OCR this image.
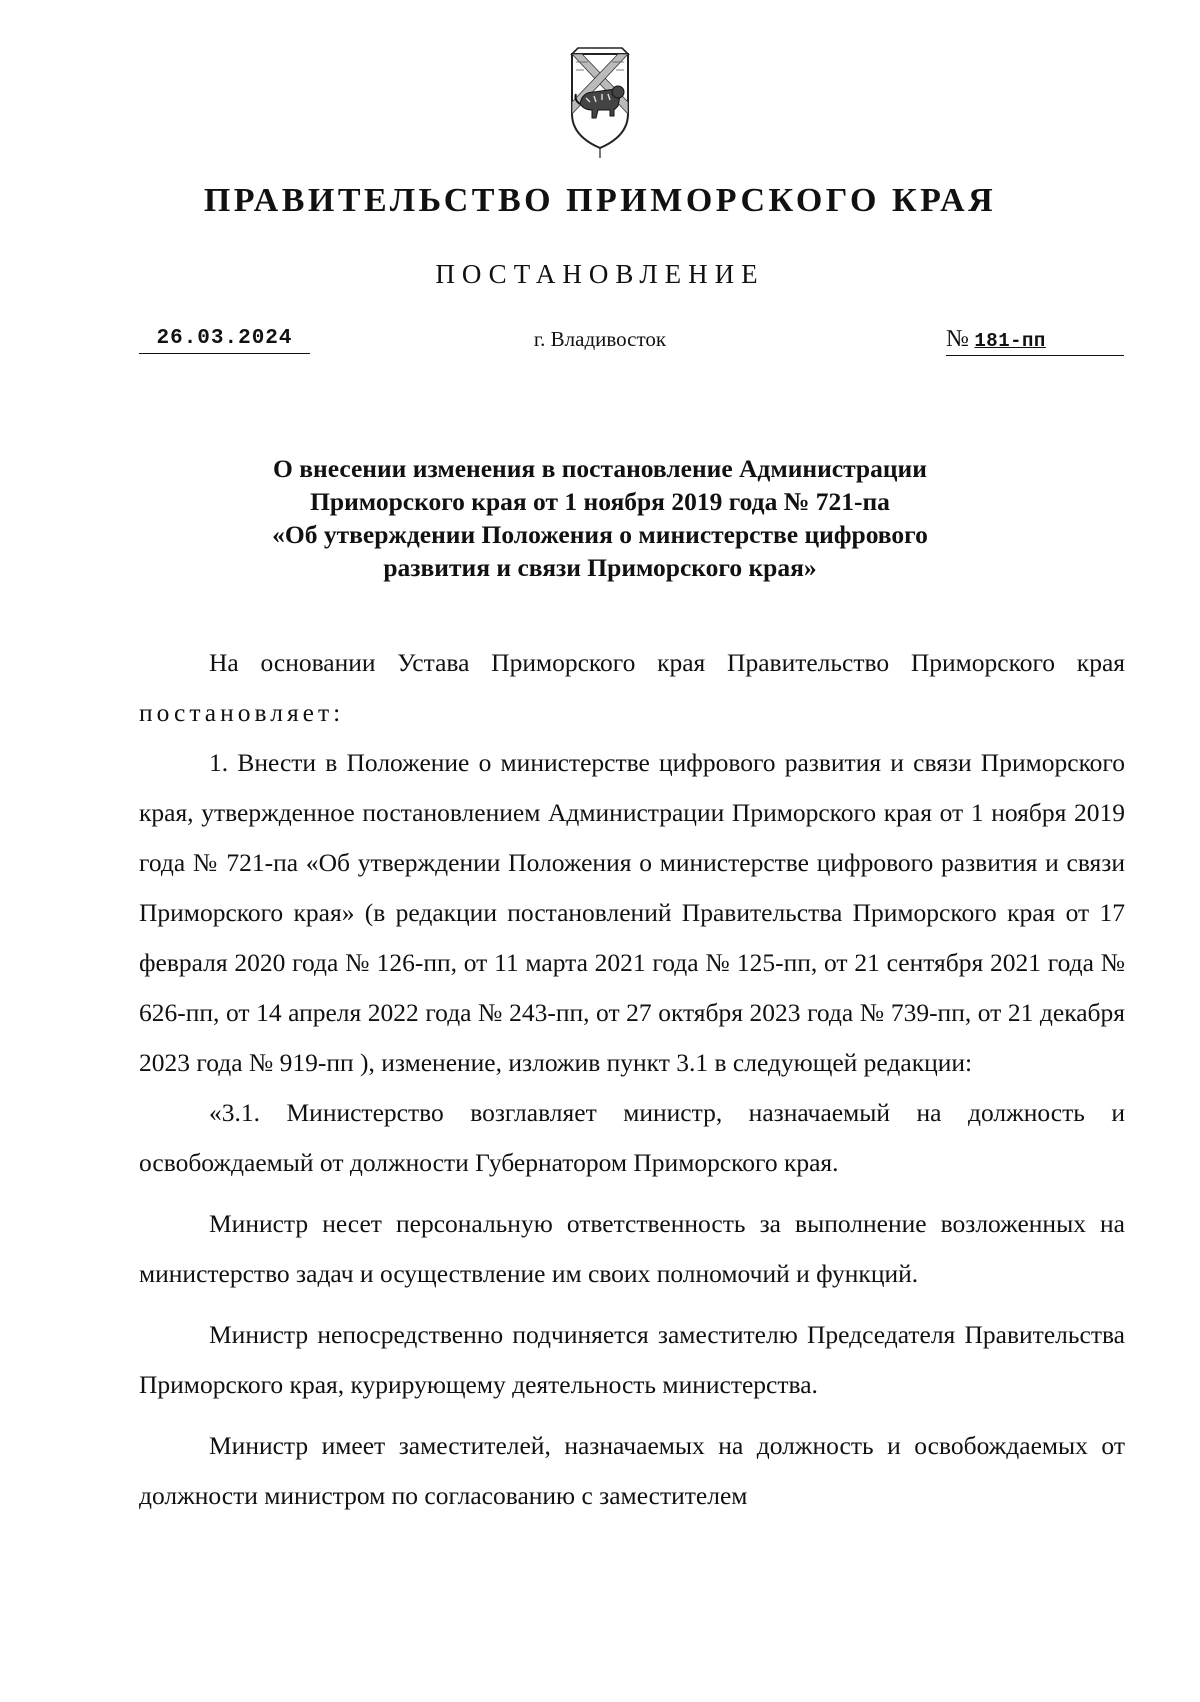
ПРАВИТЕЛЬСТВО ПРИМОРСКОГО КРАЯ
ПОСТАНОВЛЕНИЕ
26.03.2024	г. Владивосток	№ 181-пп
О внесении изменения в постановление Администрации
Приморского края от 1 ноября 2019 года № 721-па
«Об утверждении Положения о министерстве цифрового
развития и связи Приморского края»

На основании Устава Приморского края Правительство Приморского края постановляет:

1. Внести в Положение о министерстве цифрового развития и связи Приморского края, утвержденное постановлением Администрации Приморского края от 1 ноября 2019 года № 721-па «Об утверждении Положения о министерстве цифрового развития и связи Приморского края» (в редакции постановлений Правительства Приморского края от 17 февраля 2020 года № 126-пп, от 11 марта 2021 года № 125-пп, от 21 сентября 2021 года № 626-пп, от 14 апреля 2022 года № 243-пп, от 27 октября 2023 года № 739-пп, от 21 декабря 2023 года № 919-пп ), изменение, изложив пункт 3.1 в следующей редакции:

«3.1. Министерство возглавляет министр, назначаемый на должность и освобождаемый от должности Губернатором Приморского края.

Министр несет персональную ответственность за выполнение возложенных на министерство задач и осуществление им своих полномочий и функций.

Министр непосредственно подчиняется заместителю Председателя Правительства Приморского края, курирующему деятельность министерства.

Министр имеет заместителей, назначаемых на должность и освобождаемых от должности министром по согласованию с заместителем
